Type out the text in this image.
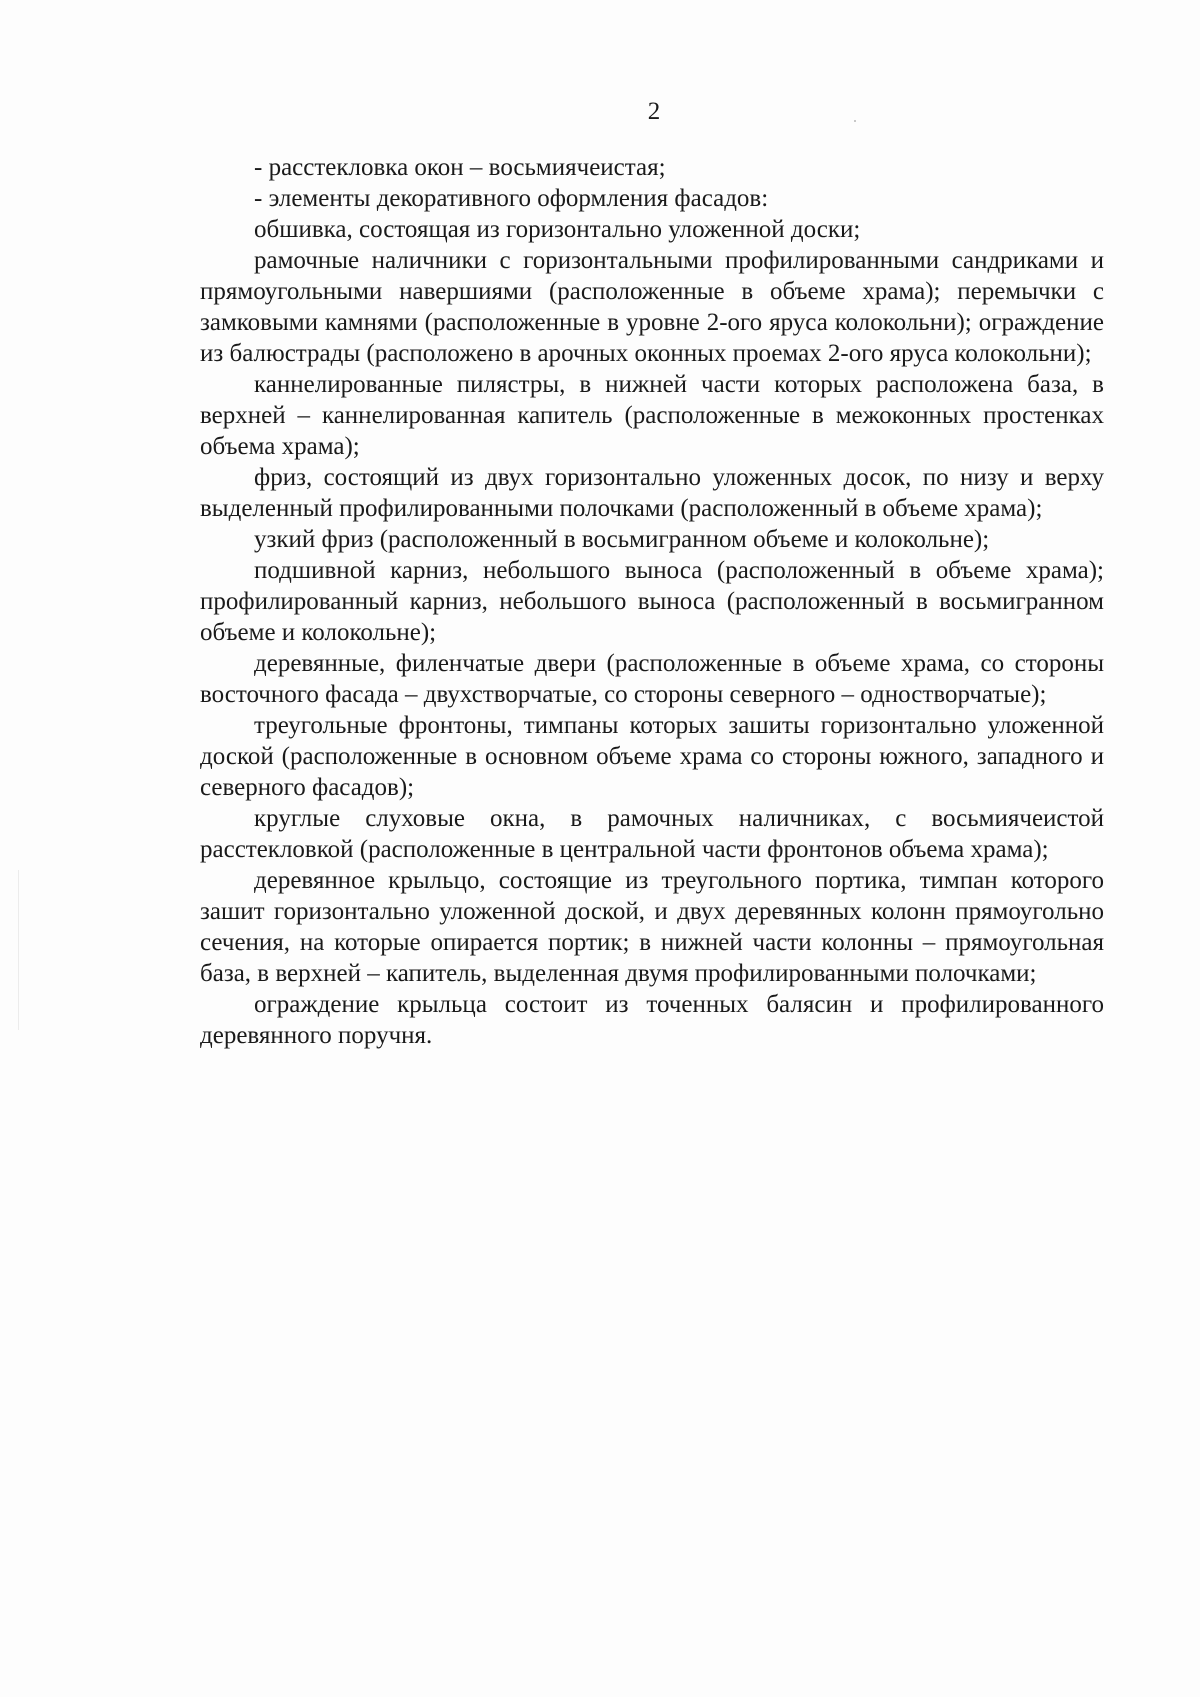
2

- расстекловка окон – восьмиячеистая;

- элементы декоративного оформления фасадов:

обшивка, состоящая из горизонтально уложенной доски;

рамочные наличники с горизонтальными профилированными сандриками и прямоугольными навершиями (расположенные в объеме храма); перемычки с замковыми камнями (расположенные в уровне 2-ого яруса колокольни); ограждение из балюстрады (расположено в арочных оконных проемах 2-ого яруса колокольни);

каннелированные пилястры, в нижней части которых расположена база, в верхней – каннелированная капитель (расположенные в межоконных простенках объема храма);

фриз, состоящий из двух горизонтально уложенных досок, по низу и верху выделенный профилированными полочками (расположенный в объеме храма);

узкий фриз (расположенный в восьмигранном объеме и колокольне);

подшивной карниз, небольшого выноса (расположенный в объеме храма); профилированный карниз, небольшого выноса (расположенный в восьмигранном объеме и колокольне);

деревянные, филенчатые двери (расположенные в объеме храма, со стороны восточного фасада – двухстворчатые, со стороны северного – одностворчатые);

треугольные фронтоны, тимпаны которых зашиты горизонтально уложенной доской (расположенные в основном объеме храма со стороны южного, западного и северного фасадов);

круглые слуховые окна, в рамочных наличниках, с восьмиячеистой расстекловкой (расположенные в центральной части фронтонов объема храма);

деревянное крыльцо, состоящие из треугольного портика, тимпан которого зашит горизонтально уложенной доской, и двух деревянных колонн прямоугольно сечения, на которые опирается портик; в нижней части колонны – прямоугольная база, в верхней – капитель, выделенная двумя профилированными полочками;

ограждение крыльца состоит из точенных балясин и профилированного деревянного поручня.
